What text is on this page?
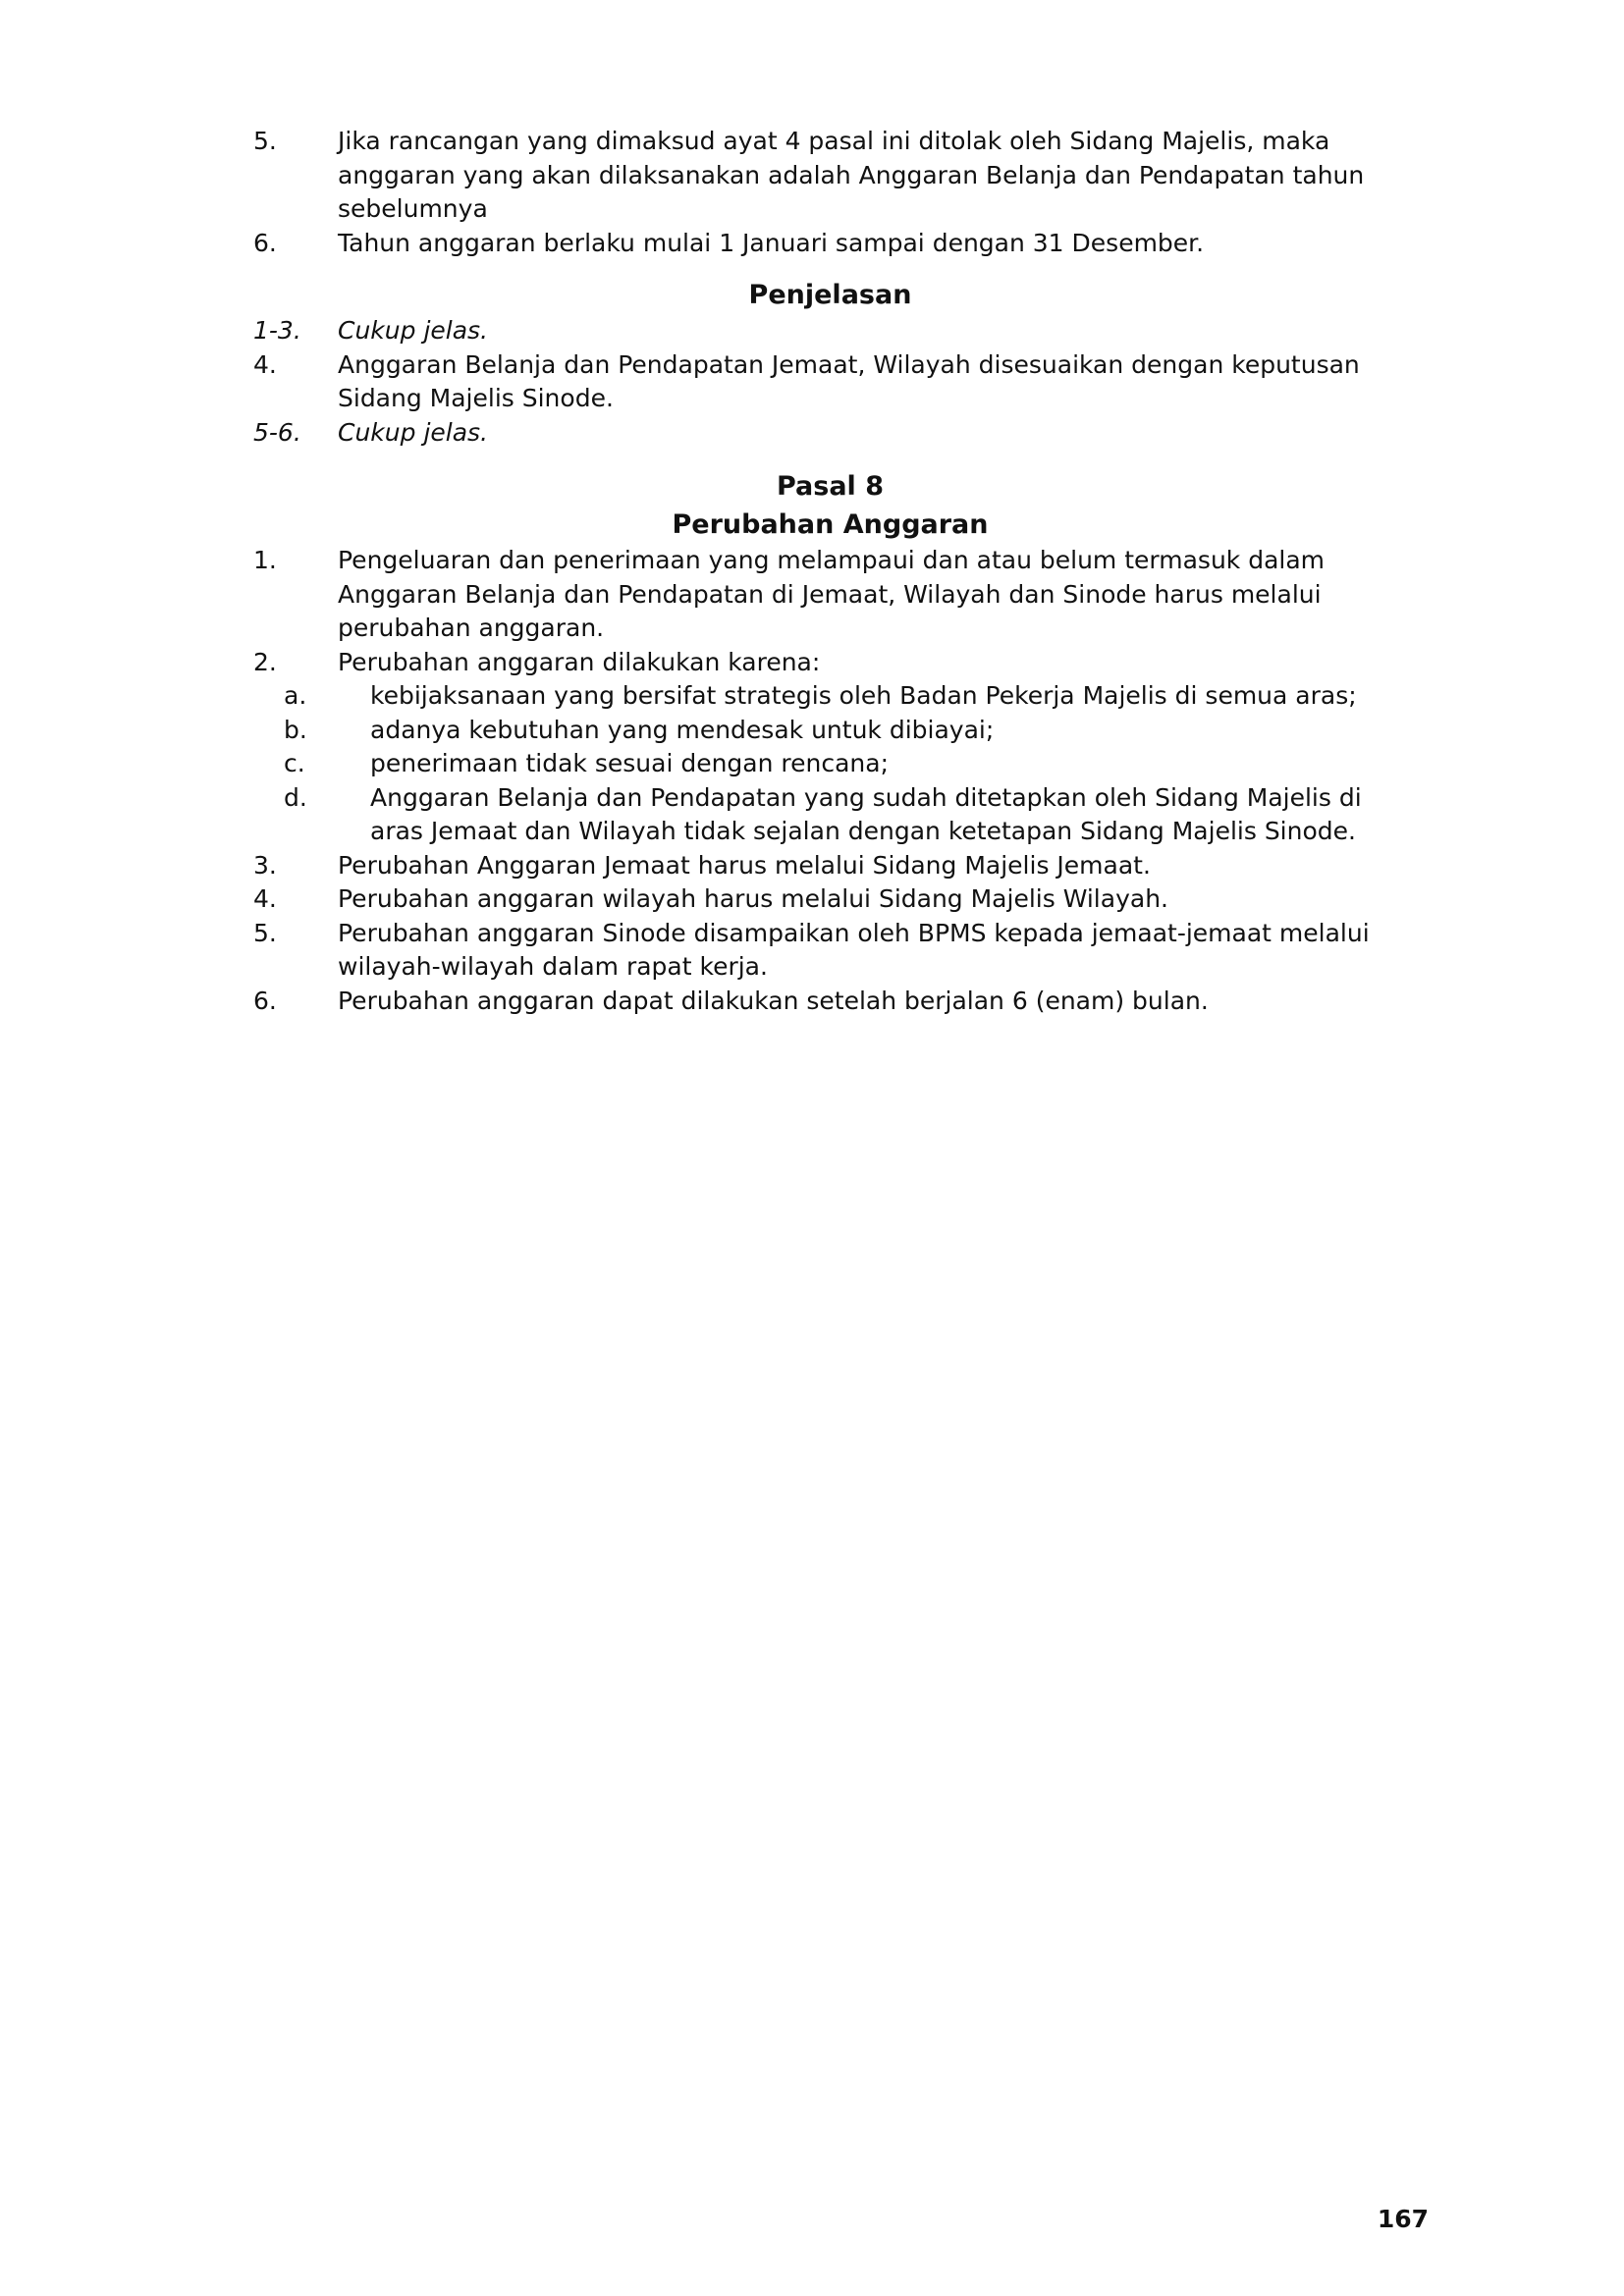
5.	Jika rancangan yang dimaksud ayat 4 pasal ini ditolak oleh Sidang Majelis, maka anggaran yang akan dilaksanakan adalah Anggaran Belanja dan Pendapatan tahun sebelumnya
6.	Tahun anggaran berlaku mulai 1 Januari sampai dengan 31 Desember.
Penjelasan
1-3.	Cukup jelas.
4.	Anggaran Belanja dan Pendapatan Jemaat, Wilayah disesuaikan dengan keputusan Sidang Majelis Sinode.
5-6.	Cukup jelas.
Pasal 8
Perubahan Anggaran
1.	Pengeluaran dan penerimaan yang melampaui dan atau belum termasuk dalam Anggaran Belanja dan Pendapatan di Jemaat, Wilayah dan Sinode harus melalui perubahan anggaran.
2.	Perubahan anggaran dilakukan karena:
a.	kebijaksanaan yang bersifat strategis oleh Badan Pekerja Majelis di semua aras;
b.	adanya kebutuhan yang mendesak untuk dibiayai;
c.	penerimaan tidak sesuai dengan rencana;
d.	Anggaran Belanja dan Pendapatan yang sudah ditetapkan oleh Sidang Majelis di aras Jemaat dan Wilayah tidak sejalan dengan ketetapan Sidang Majelis Sinode.
3.	Perubahan Anggaran Jemaat harus melalui Sidang Majelis Jemaat.
4.	Perubahan anggaran wilayah harus melalui Sidang Majelis Wilayah.
5.	Perubahan anggaran Sinode disampaikan oleh BPMS kepada jemaat-jemaat melalui wilayah-wilayah dalam rapat kerja.
6.	Perubahan anggaran dapat dilakukan setelah berjalan 6 (enam) bulan.
167
